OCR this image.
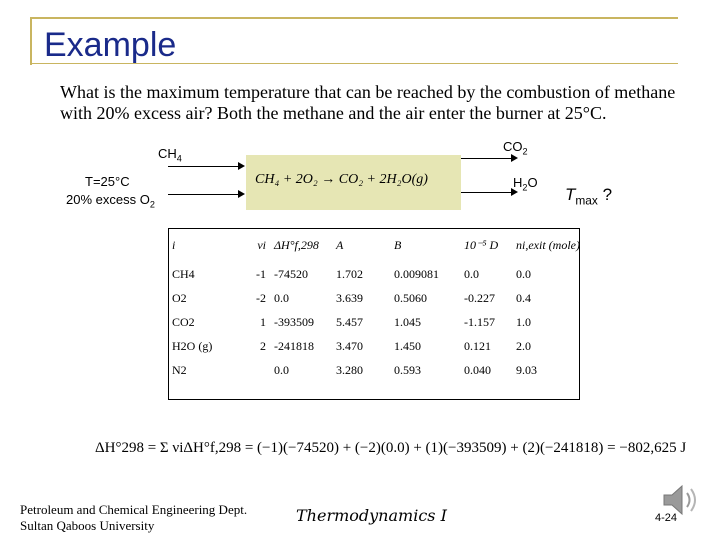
Example
What is the maximum temperature that can be reached by the combustion of methane with 20% excess air? Both the methane and the air enter the burner at 25°C.
$CH_4$
$CO_2$
$H_2O$
T=25°C
20% excess $O_2$
CH₄ + 2O₂ → CO₂ + 2H₂O(g)
$T_{max}$ ?
i	νi	ΔH°f,298	A	B	10⁻⁵ D	ni,exit (mole)
CH4	-1	-74520	1.702	0.009081	0.0	0.0
O2	-2	0.0	3.639	0.5060	-0.227	0.4
CO2	1	-393509	5.457	1.045	-1.157	1.0
H2O (g)	2	-241818	3.470	1.450	0.121	2.0
N2		0.0	3.280	0.593	0.040	9.03
ΔH°298 = Σ νiΔH°f,298 = (−1)(−74520) + (−2)(0.0) + (1)(−393509) + (2)(−241818) = −802,625 J
Petroleum and Chemical Engineering Dept.
Sultan Qaboos University
Thermodynamics I	4-24
